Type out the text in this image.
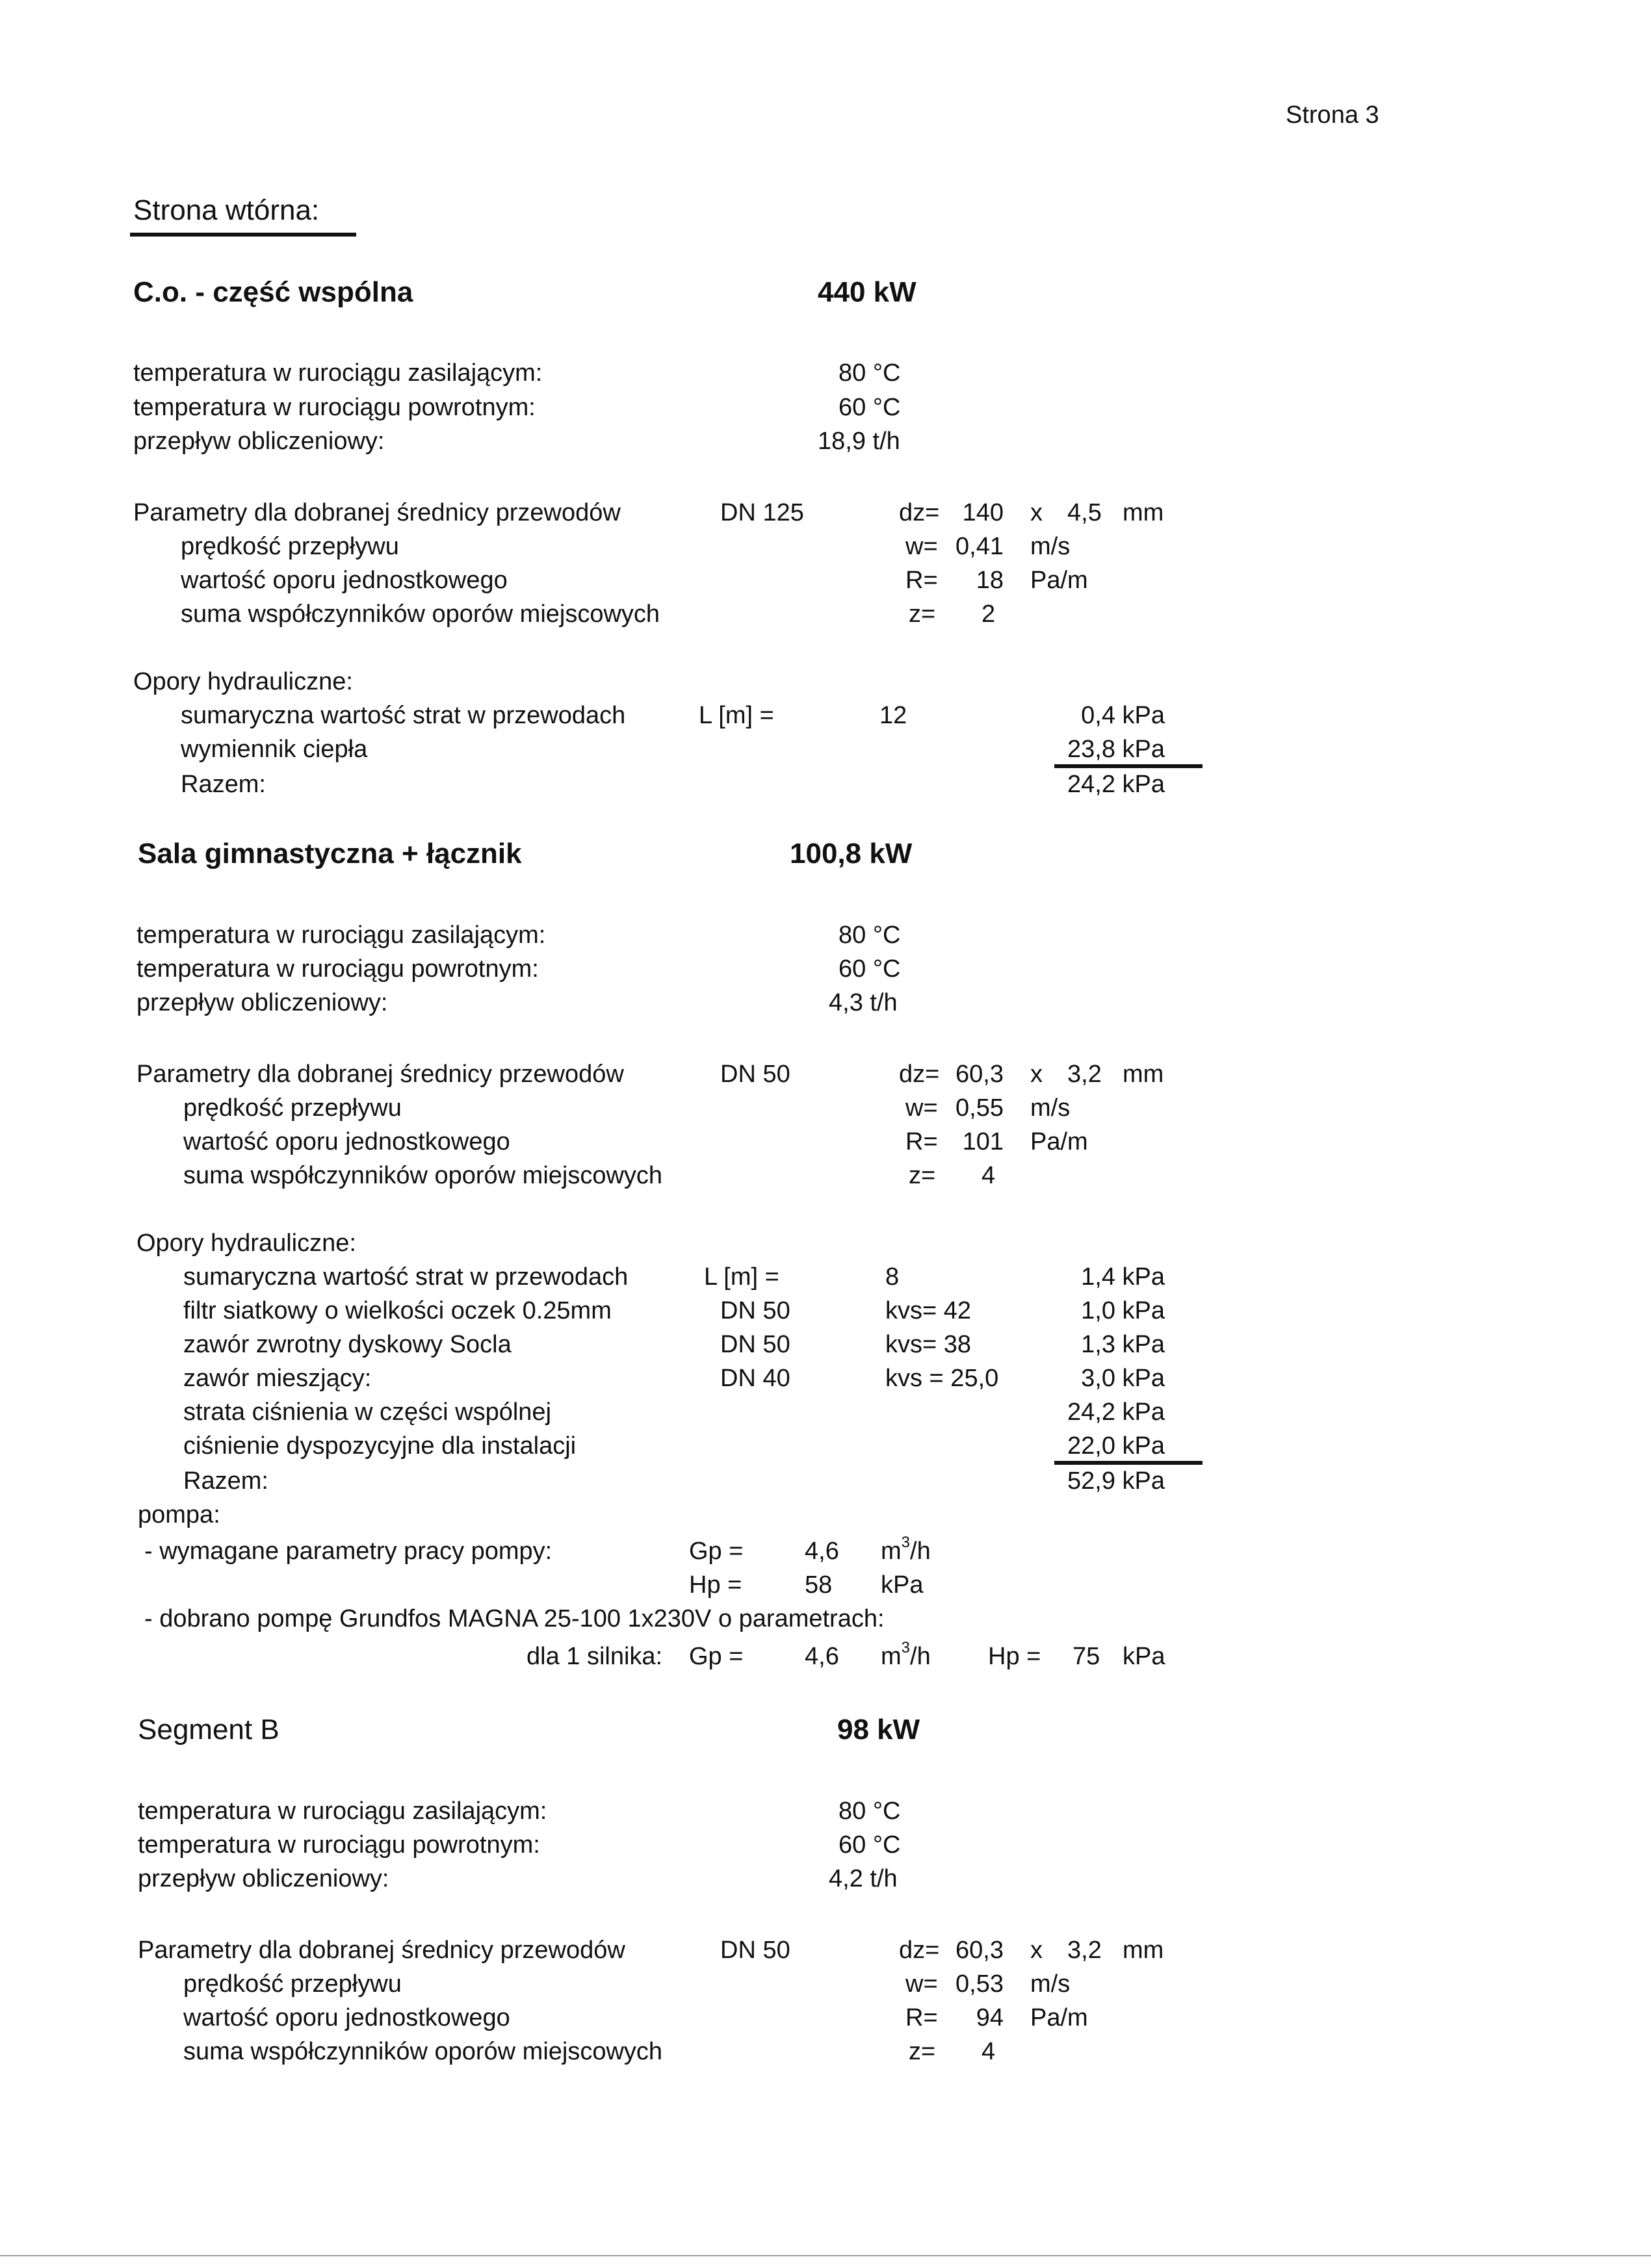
Strona 3
Strona wtórna:
C.o. - część wspólna	440 kW
temperatura w rurociągu zasilającym:	80 °C
temperatura w rurociągu powrotnym:	60 °C
przepływ obliczeniowy:	18,9 t/h
Parametry dla dobranej średnicy przewodów	DN 125	dz= 140 x 4,5 mm
prędkość przepływu	w= 0,41 m/s
wartość oporu jednostkowego	R=	18 Pa/m
suma współczynników oporów miejscowych	z= 2
Opory hydrauliczne:
sumaryczna wartość strat w przewodach	L [m] =	12	0,4 kPa
wymiennik ciepła	23,8 kPa
Razem:	24,2 kPa
Sala gimnastyczna + łącznik	100,8 kW
temperatura w rurociągu zasilającym:	80 °C
temperatura w rurociągu powrotnym:	60 °C
przepływ obliczeniowy:	4,3 t/h
Parametry dla dobranej średnicy przewodów	DN 50	dz= 60,3 x 3,2 mm
prędkość przepływu	w= 0,55 m/s
wartość oporu jednostkowego	R= 101 Pa/m
suma współczynników oporów miejscowych	z= 4
Opory hydrauliczne:
sumaryczna wartość strat w przewodach	L [m] =	8	1,4 kPa
filtr siatkowy o wielkości oczek 0.25mm	DN 50	kvs= 42	1,0 kPa
zawór zwrotny dyskowy Socla	DN 50	kvs= 38	1,3 kPa
zawór mieszjący:	DN 40	kvs = 25,0	3,0 kPa
strata ciśnienia w części wspólnej	24,2 kPa
ciśnienie dyspozycyjne dla instalacji	22,0 kPa
Razem:	52,9 kPa
pompa:
- wymagane parametry pracy pompy:	Gp = 4,6 $m^3/h$
Hp =	58 kPa
- dobrano pompę Grundfos MAGNA 25-100 1x230V o parametrach:
dla 1 silnika: Gp = 4,6 $m^3/h$ Hp = 75 kPa
Segment B	98 kW
temperatura w rurociągu zasilającym:	80 °C
temperatura w rurociągu powrotnym:	60 °C
przepływ obliczeniowy:	4,2 t/h
Parametry dla dobranej średnicy przewodów	DN 50	dz= 60,3 x 3,2 mm
prędkość przepływu	w= 0,53 m/s
wartość oporu jednostkowego	R=	94 Pa/m
suma współczynników oporów miejscowych	z= 4
